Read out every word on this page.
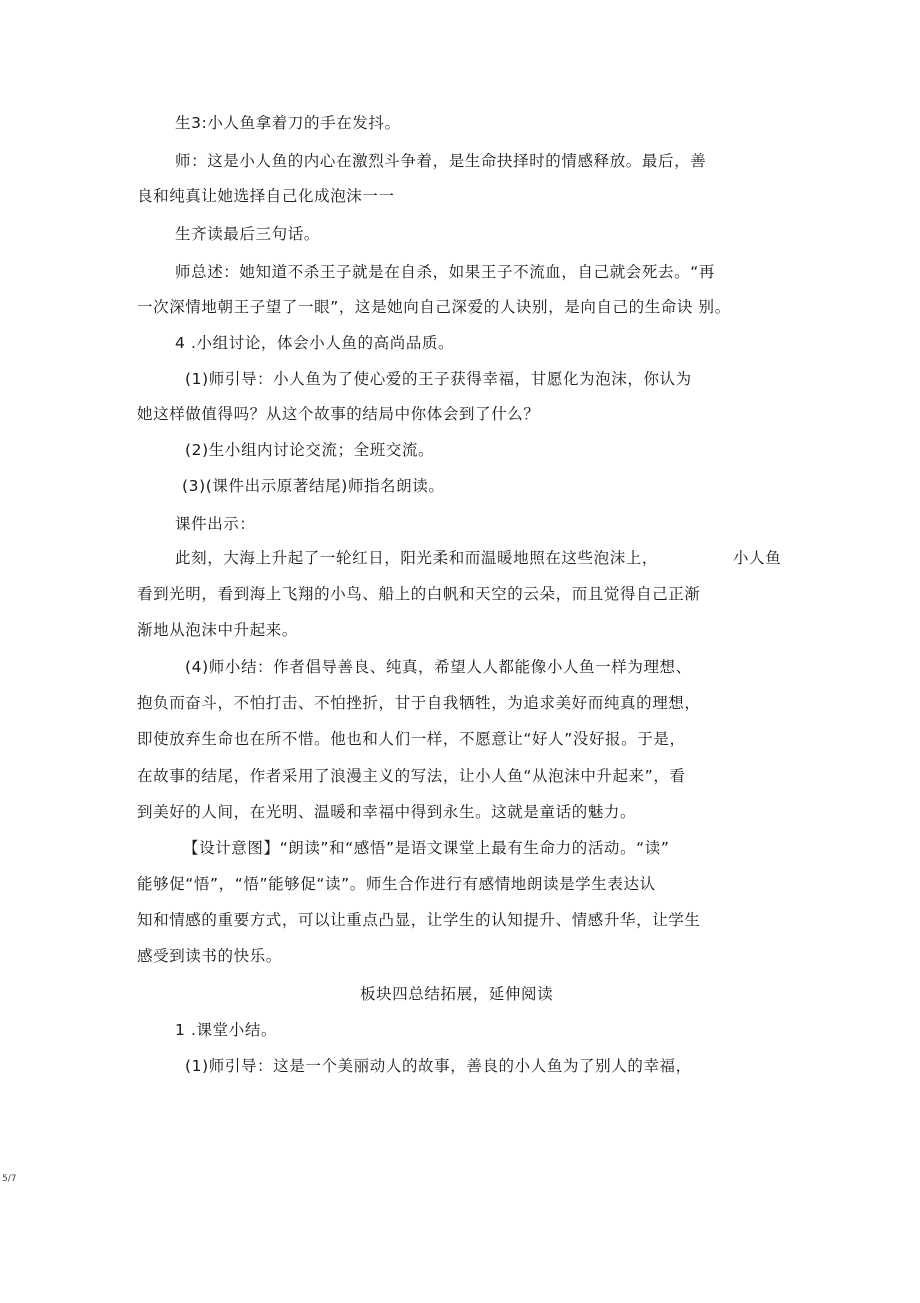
生3:小人鱼拿着刀的手在发抖。
师：这是小人鱼的内心在激烈斗争着，是生命抉择时的情感释放。最后，善
良和纯真让她选择自己化成泡沫一一
生齐读最后三句话。
师总述：她知道不杀王子就是在自杀，如果王子不流血，自己就会死去。“再
一次深情地朝王子望了一眼”，这是她向自己深爱的人诀别，是向自己的生命诀 别。
4 .小组讨论，体会小人鱼的高尚品质。
(1)师引导：小人鱼为了使心爱的王子获得幸福，甘愿化为泡沫，你认为
她这样做值得吗？从这个故事的结局中你体会到了什么？
(2)生小组内讨论交流；全班交流。
(3)(课件出示原著结尾)师指名朗读。
课件出示：
此刻，大海上升起了一轮红日，阳光柔和而温暖地照在这些泡沫上，	小人鱼
看到光明，看到海上飞翔的小鸟、船上的白帆和天空的云朵，而且觉得自己正渐
渐地从泡沫中升起来。
(4)师小结：作者倡导善良、纯真，希望人人都能像小人鱼一样为理想、
抱负而奋斗，不怕打击、不怕挫折，甘于自我牺牲，为追求美好而纯真的理想，
即使放弃生命也在所不惜。他也和人们一样，不愿意让“好人”没好报。于是，
在故事的结尾，作者采用了浪漫主义的写法，让小人鱼“从泡沫中升起来”，看
到美好的人间，在光明、温暖和幸福中得到永生。这就是童话的魅力。
【设计意图】“朗读”和“感悟”是语文课堂上最有生命力的活动。“读”
能够促“悟”，“悟”能够促“读”。师生合作进行有感情地朗读是学生表达认
知和情感的重要方式，可以让重点凸显，让学生的认知提升、情感升华，让学生
感受到读书的快乐。
板块四总结拓展，延伸阅读
1 .课堂小结。
(1)师引导：这是一个美丽动人的故事，善良的小人鱼为了别人的幸福，
5/7
